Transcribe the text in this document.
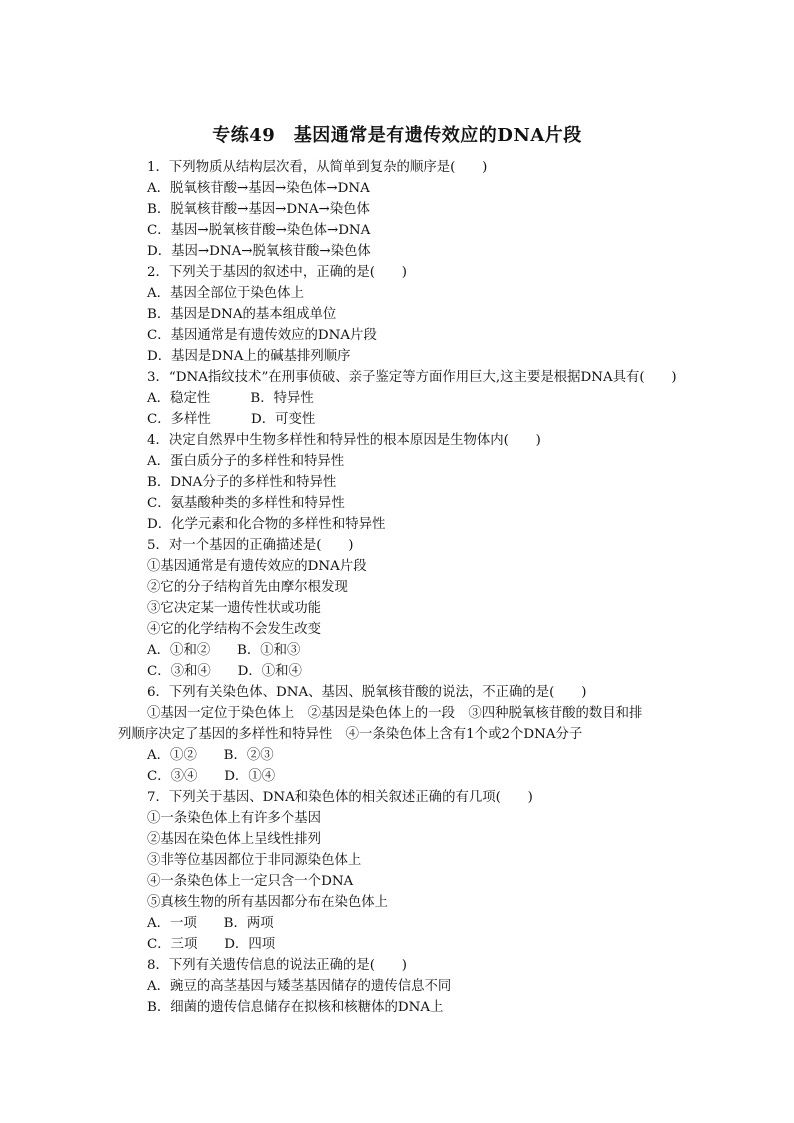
专练49　基因通常是有遗传效应的DNA片段
1．下列物质从结构层次看，从简单到复杂的顺序是(　　)
A．脱氧核苷酸→基因→染色体→DNA
B．脱氧核苷酸→基因→DNA→染色体
C．基因→脱氧核苷酸→染色体→DNA
D．基因→DNA→脱氧核苷酸→染色体
2．下列关于基因的叙述中，正确的是(　　)
A．基因全部位于染色体上
B．基因是DNA的基本组成单位
C．基因通常是有遗传效应的DNA片段
D．基因是DNA上的碱基排列顺序
3．“DNA指纹技术”在刑事侦破、亲子鉴定等方面作用巨大,这主要是根据DNA具有(　　)
A．稳定性　　　B．特异性
C．多样性　　　D．可变性
4．决定自然界中生物多样性和特异性的根本原因是生物体内(　　)
A．蛋白质分子的多样性和特异性
B．DNA分子的多样性和特异性
C．氨基酸种类的多样性和特异性
D．化学元素和化合物的多样性和特异性
5．对一个基因的正确描述是(　　)
①基因通常是有遗传效应的DNA片段
②它的分子结构首先由摩尔根发现
③它决定某一遗传性状或功能
④它的化学结构不会发生改变
A．①和②　　B．①和③
C．③和④　　D．①和④
6．下列有关染色体、DNA、基因、脱氧核苷酸的说法，不正确的是(　　)
①基因一定位于染色体上　②基因是染色体上的一段　③四种脱氧核苷酸的数目和排
列顺序决定了基因的多样性和特异性　④一条染色体上含有1个或2个DNA分子
A．①②　　B．②③
C．③④　　D．①④
7．下列关于基因、DNA和染色体的相关叙述正确的有几项(　　)
①一条染色体上有许多个基因
②基因在染色体上呈线性排列
③非等位基因都位于非同源染色体上
④一条染色体上一定只含一个DNA
⑤真核生物的所有基因都分布在染色体上
A．一项　　B．两项
C．三项　　D．四项
8．下列有关遗传信息的说法正确的是(　　)
A．豌豆的高茎基因与矮茎基因储存的遗传信息不同
B．细菌的遗传信息储存在拟核和核糖体的DNA上
